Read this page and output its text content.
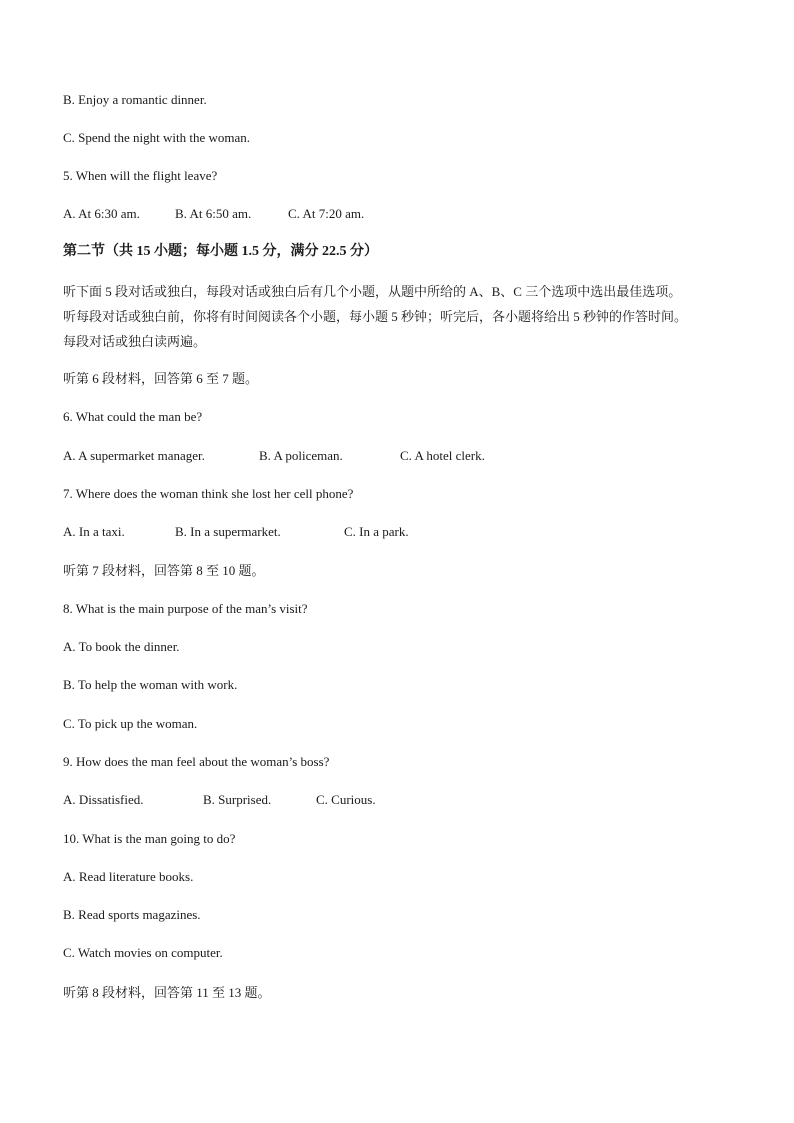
B. Enjoy a romantic dinner.
C. Spend the night with the woman.
5. When will the flight leave?
A. At 6:30 am.	B. At 6:50 am.	C. At 7:20 am.
第二节（共 15 小题；每小题 1.5 分，满分 22.5 分）
听下面 5 段对话或独白，每段对话或独白后有几个小题，从题中所给的 A、B、C 三个选项中选出最佳选项。
听每段对话或独白前，你将有时间阅读各个小题，每小题 5 秒钟；听完后，各小题将给出 5 秒钟的作答时间。
每段对话或独白读两遍。
听第 6 段材料，回答第 6 至 7 题。
6. What could the man be?
A. A supermarket manager.	B. A policeman.	C. A hotel clerk.
7. Where does the woman think she lost her cell phone?
A. In a taxi.	B. In a supermarket.	C. In a park.
听第 7 段材料，回答第 8 至 10 题。
8. What is the main purpose of the man’s visit?
A. To book the dinner.
B. To help the woman with work.
C. To pick up the woman.
9. How does the man feel about the woman’s boss?
A. Dissatisfied.	B. Surprised.	C. Curious.
10. What is the man going to do?
A. Read literature books.
B. Read sports magazines.
C. Watch movies on computer.
听第 8 段材料，回答第 11 至 13 题。
